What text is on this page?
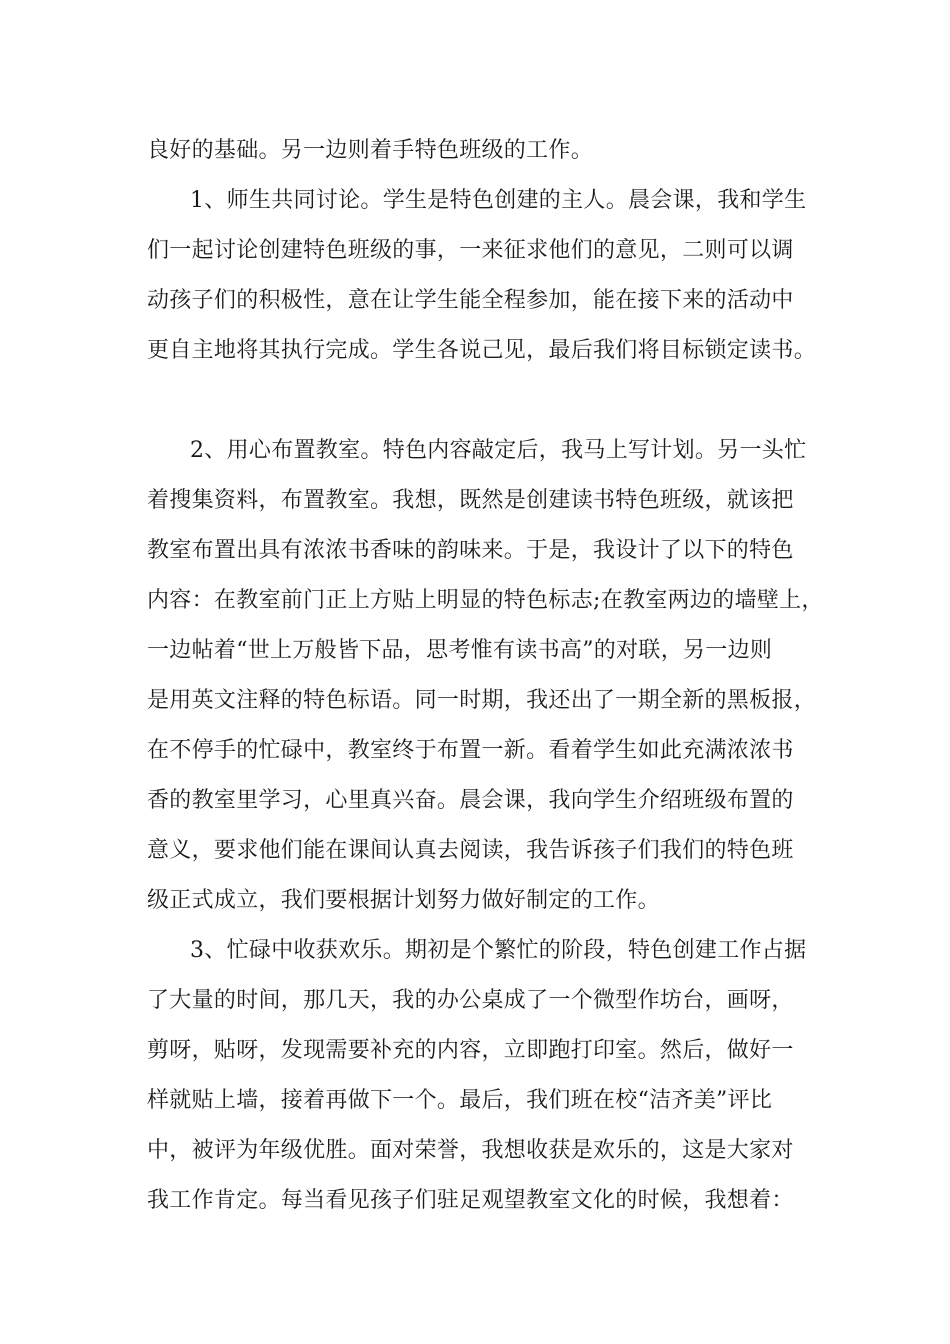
良好的基础。另一边则着手特色班级的工作。
1、师生共同讨论。学生是特色创建的主人。晨会课，我和学生
们一起讨论创建特色班级的事，一来征求他们的意见，二则可以调
动孩子们的积极性，意在让学生能全程参加，能在接下来的活动中
更自主地将其执行完成。学生各说己见，最后我们将目标锁定读书。
2、用心布置教室。特色内容敲定后，我马上写计划。另一头忙
着搜集资料，布置教室。我想，既然是创建读书特色班级，就该把
教室布置出具有浓浓书香味的韵味来。于是，我设计了以下的特色
内容：在教室前门正上方贴上明显的特色标志;在教室两边的墙壁上，
一边帖着“世上万般皆下品，思考惟有读书高”的对联，另一边则
是用英文注释的特色标语。同一时期，我还出了一期全新的黑板报，
在不停手的忙碌中，教室终于布置一新。看着学生如此充满浓浓书
香的教室里学习，心里真兴奋。晨会课，我向学生介绍班级布置的
意义，要求他们能在课间认真去阅读，我告诉孩子们我们的特色班
级正式成立，我们要根据计划努力做好制定的工作。
3、忙碌中收获欢乐。期初是个繁忙的阶段，特色创建工作占据
了大量的时间，那几天，我的办公桌成了一个微型作坊台，画呀，
剪呀，贴呀，发现需要补充的内容，立即跑打印室。然后，做好一
样就贴上墙，接着再做下一个。最后，我们班在校“洁齐美”评比
中，被评为年级优胜。面对荣誉，我想收获是欢乐的，这是大家对
我工作肯定。每当看见孩子们驻足观望教室文化的时候，我想着：
